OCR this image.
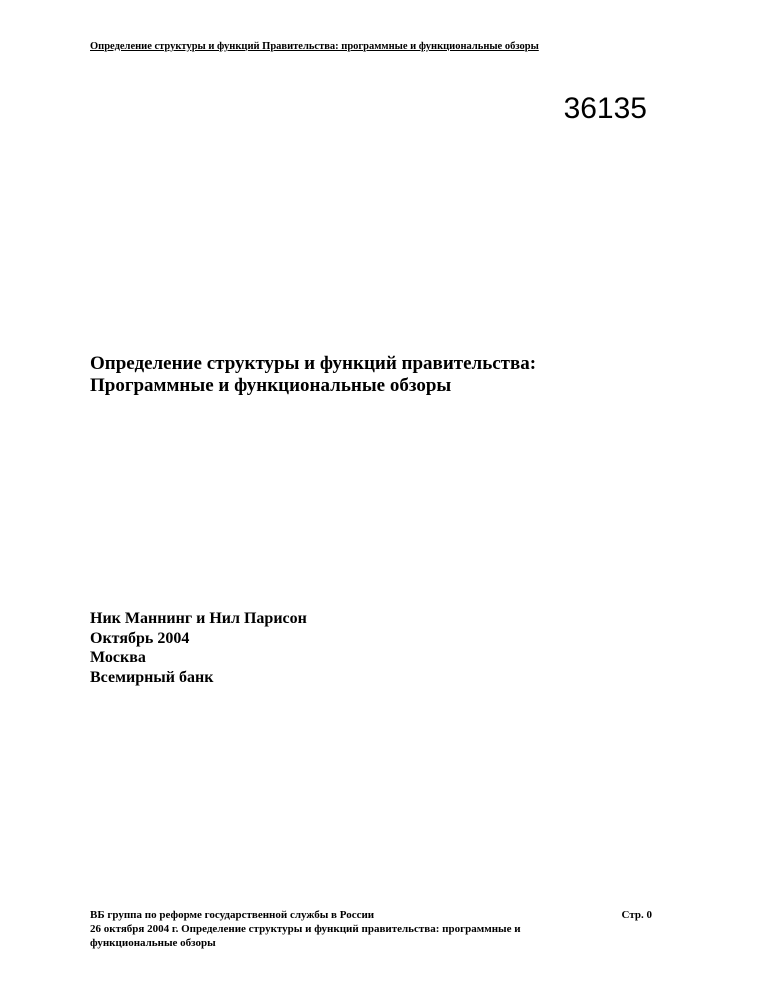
Определение структуры и функций Правительства: программные и функциональные обзоры
36135
Определение структуры и функций правительства:
Программные и функциональные обзоры
Ник Маннинг и Нил Парисон
Октябрь 2004
Москва
Всемирный банк
ВБ группа по реформе государственной службы в России	Стр. 0
26 октября 2004 г. Определение структуры и функций правительства: программные и функциональные обзоры
